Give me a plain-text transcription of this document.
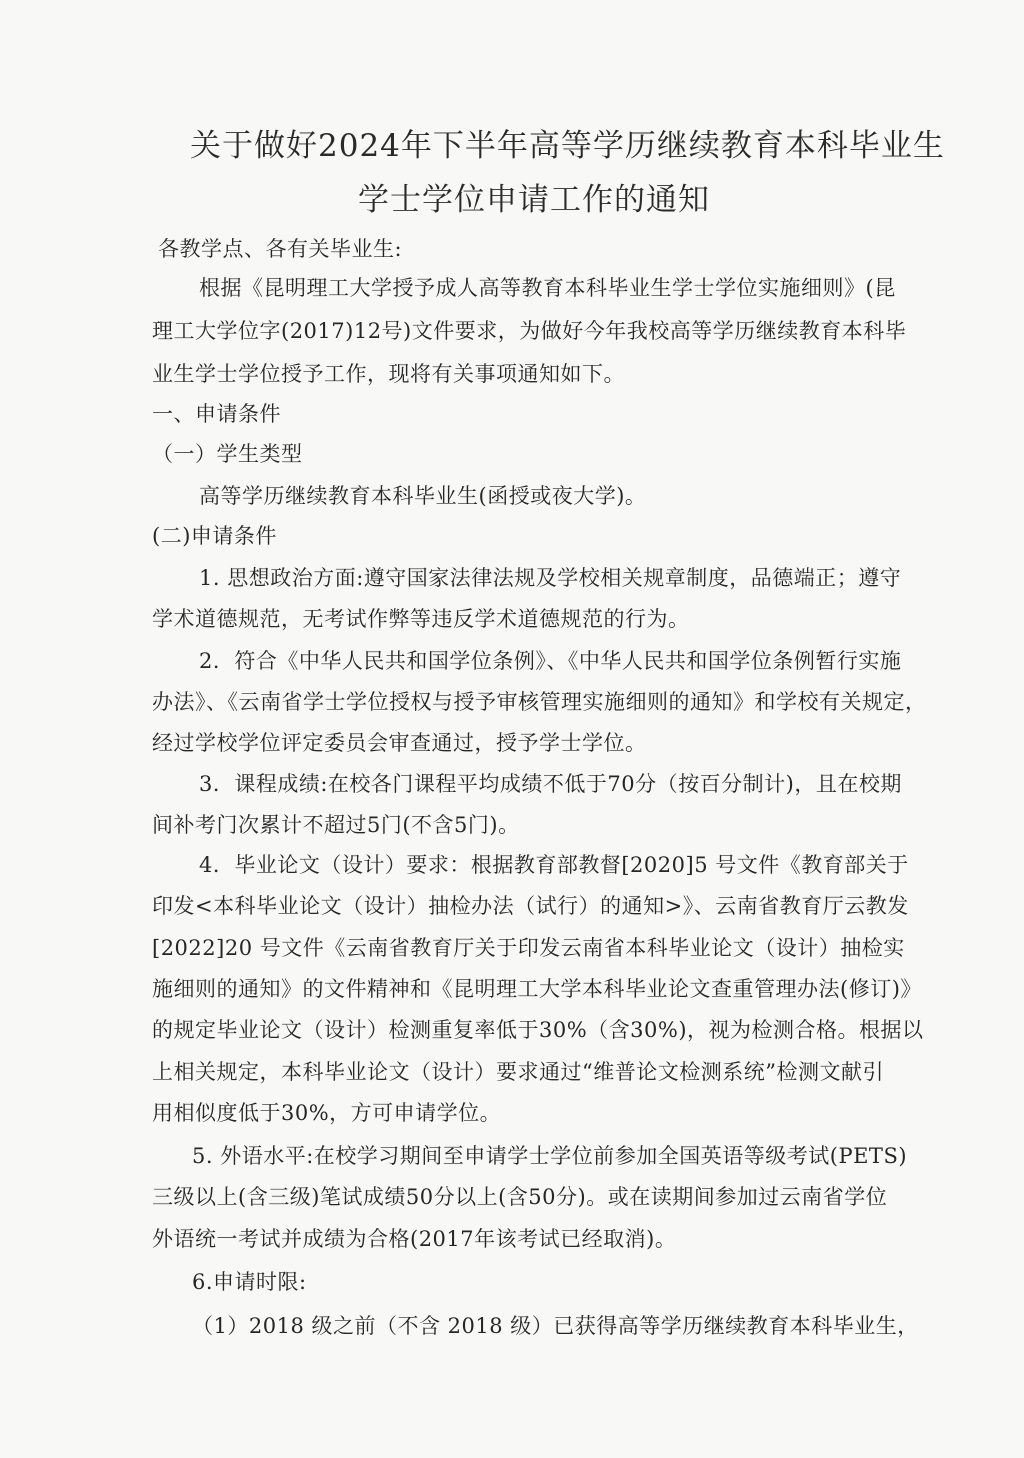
关于做好2024年下半年高等学历继续教育本科毕业生
学士学位申请工作的通知
各教学点、各有关毕业生:
根据《昆明理工大学授予成人高等教育本科毕业生学士学位实施细则》(昆
理工大学位字(2017)12号)文件要求，为做好今年我校高等学历继续教育本科毕
业生学士学位授予工作，现将有关事项通知如下。
一、申请条件
（一）学生类型
高等学历继续教育本科毕业生(函授或夜大学)。
(二)申请条件
1. 思想政治方面:遵守国家法律法规及学校相关规章制度，品德端正；遵守
学术道德规范，无考试作弊等违反学术道德规范的行为。
2．符合《中华人民共和国学位条例》、《中华人民共和国学位条例暂行实施
办法》、《云南省学士学位授权与授予审核管理实施细则的通知》和学校有关规定，
经过学校学位评定委员会审查通过，授予学士学位。
3．课程成绩:在校各门课程平均成绩不低于70分（按百分制计)，且在校期
间补考门次累计不超过5门(不含5门)。
4．毕业论文（设计）要求：根据教育部教督[2020]5 号文件《教育部关于
印发<本科毕业论文（设计）抽检办法（试行）的通知>》、云南省教育厅云教发
[2022]20 号文件《云南省教育厅关于印发云南省本科毕业论文（设计）抽检实
施细则的通知》的文件精神和《昆明理工大学本科毕业论文查重管理办法(修订)》
的规定毕业论文（设计）检测重复率低于30%（含30%)，视为检测合格。根据以
上相关规定，本科毕业论文（设计）要求通过“维普论文检测系统”检测文献引
用相似度低于30%，方可申请学位。
5. 外语水平:在校学习期间至申请学士学位前参加全国英语等级考试(PETS)
三级以上(含三级)笔试成绩50分以上(含50分)。或在读期间参加过云南省学位
外语统一考试并成绩为合格(2017年该考试已经取消)。
6.申请时限:
（1）2018 级之前（不含 2018 级）已获得高等学历继续教育本科毕业生，
